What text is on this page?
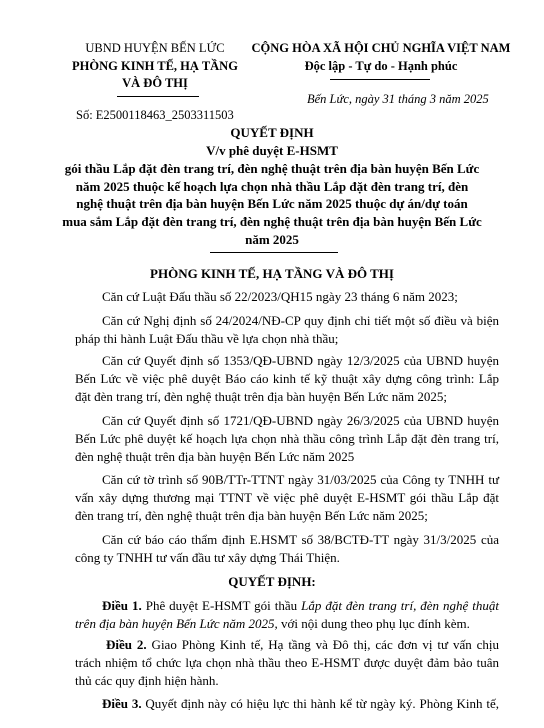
UBND HUYỆN BẾN LỨC
PHÒNG KINH TẾ, HẠ TẦNG
VÀ ĐÔ THỊ
Số: E2500118463_2503311503
CỘNG HÒA XÃ HỘI CHỦ NGHĨA VIỆT NAM
Độc lập - Tự do - Hạnh phúc
Bến Lức, ngày 31 tháng 3 năm 2025
QUYẾT ĐỊNH
V/v phê duyệt E-HSMT
gói thầu Lắp đặt đèn trang trí, đèn nghệ thuật trên địa bàn huyện Bến Lức
năm 2025 thuộc kế hoạch lựa chọn nhà thầu Lắp đặt đèn trang trí, đèn
nghệ thuật trên địa bàn huyện Bến Lức năm 2025 thuộc dự án/dự toán
mua sắm Lắp đặt đèn trang trí, đèn nghệ thuật trên địa bàn huyện Bến Lức
năm 2025
PHÒNG KINH TẾ, HẠ TẦNG VÀ ĐÔ THỊ
Căn cứ Luật Đấu thầu số 22/2023/QH15 ngày 23 tháng 6 năm 2023;
Căn cứ Nghị định số 24/2024/NĐ-CP quy định chi tiết một số điều và biện
pháp thi hành Luật Đấu thầu về lựa chọn nhà thầu;
Căn cứ Quyết định số 1353/QĐ-UBND ngày 12/3/2025 của UBND huyện
Bến Lức về việc phê duyệt Báo cáo kinh tế kỹ thuật xây dựng công trình: Lắp
đặt đèn trang trí, đèn nghệ thuật trên địa bàn huyện Bến Lức năm 2025;
Căn cứ Quyết định số 1721/QĐ-UBND ngày 26/3/2025 của UBND huyện
Bến Lức phê duyệt kế hoạch lựa chọn nhà thầu công trình Lắp đặt đèn trang trí,
đèn nghệ thuật trên địa bàn huyện Bến Lức năm 2025
Căn cứ tờ trình số 90B/TTr-TTNT ngày 31/03/2025 của Công ty TNHH tư
vấn xây dựng thương mại TTNT về việc phê duyệt E-HSMT gói thầu Lắp đặt
đèn trang trí, đèn nghệ thuật trên địa bàn huyện Bến Lức năm 2025;
Căn cứ báo cáo thẩm định E.HSMT số 38/BCTĐ-TT ngày 31/3/2025 của
công ty TNHH tư vấn đầu tư xây dựng Thái Thiện.
QUYẾT ĐỊNH:
Điều 1. Phê duyệt E-HSMT gói thầu Lắp đặt đèn trang trí, đèn nghệ thuật
trên địa bàn huyện Bến Lức năm 2025, với nội dung theo phụ lục đính kèm.
Điều 2. Giao Phòng Kinh tế, Hạ tầng và Đô thị, các đơn vị tư vấn chịu
trách nhiệm tổ chức lựa chọn nhà thầu theo E-HSMT được duyệt đảm bảo tuân
thủ các quy định hiện hành.
Điều 3. Quyết định này có hiệu lực thi hành kể từ ngày ký. Phòng Kinh tế,
